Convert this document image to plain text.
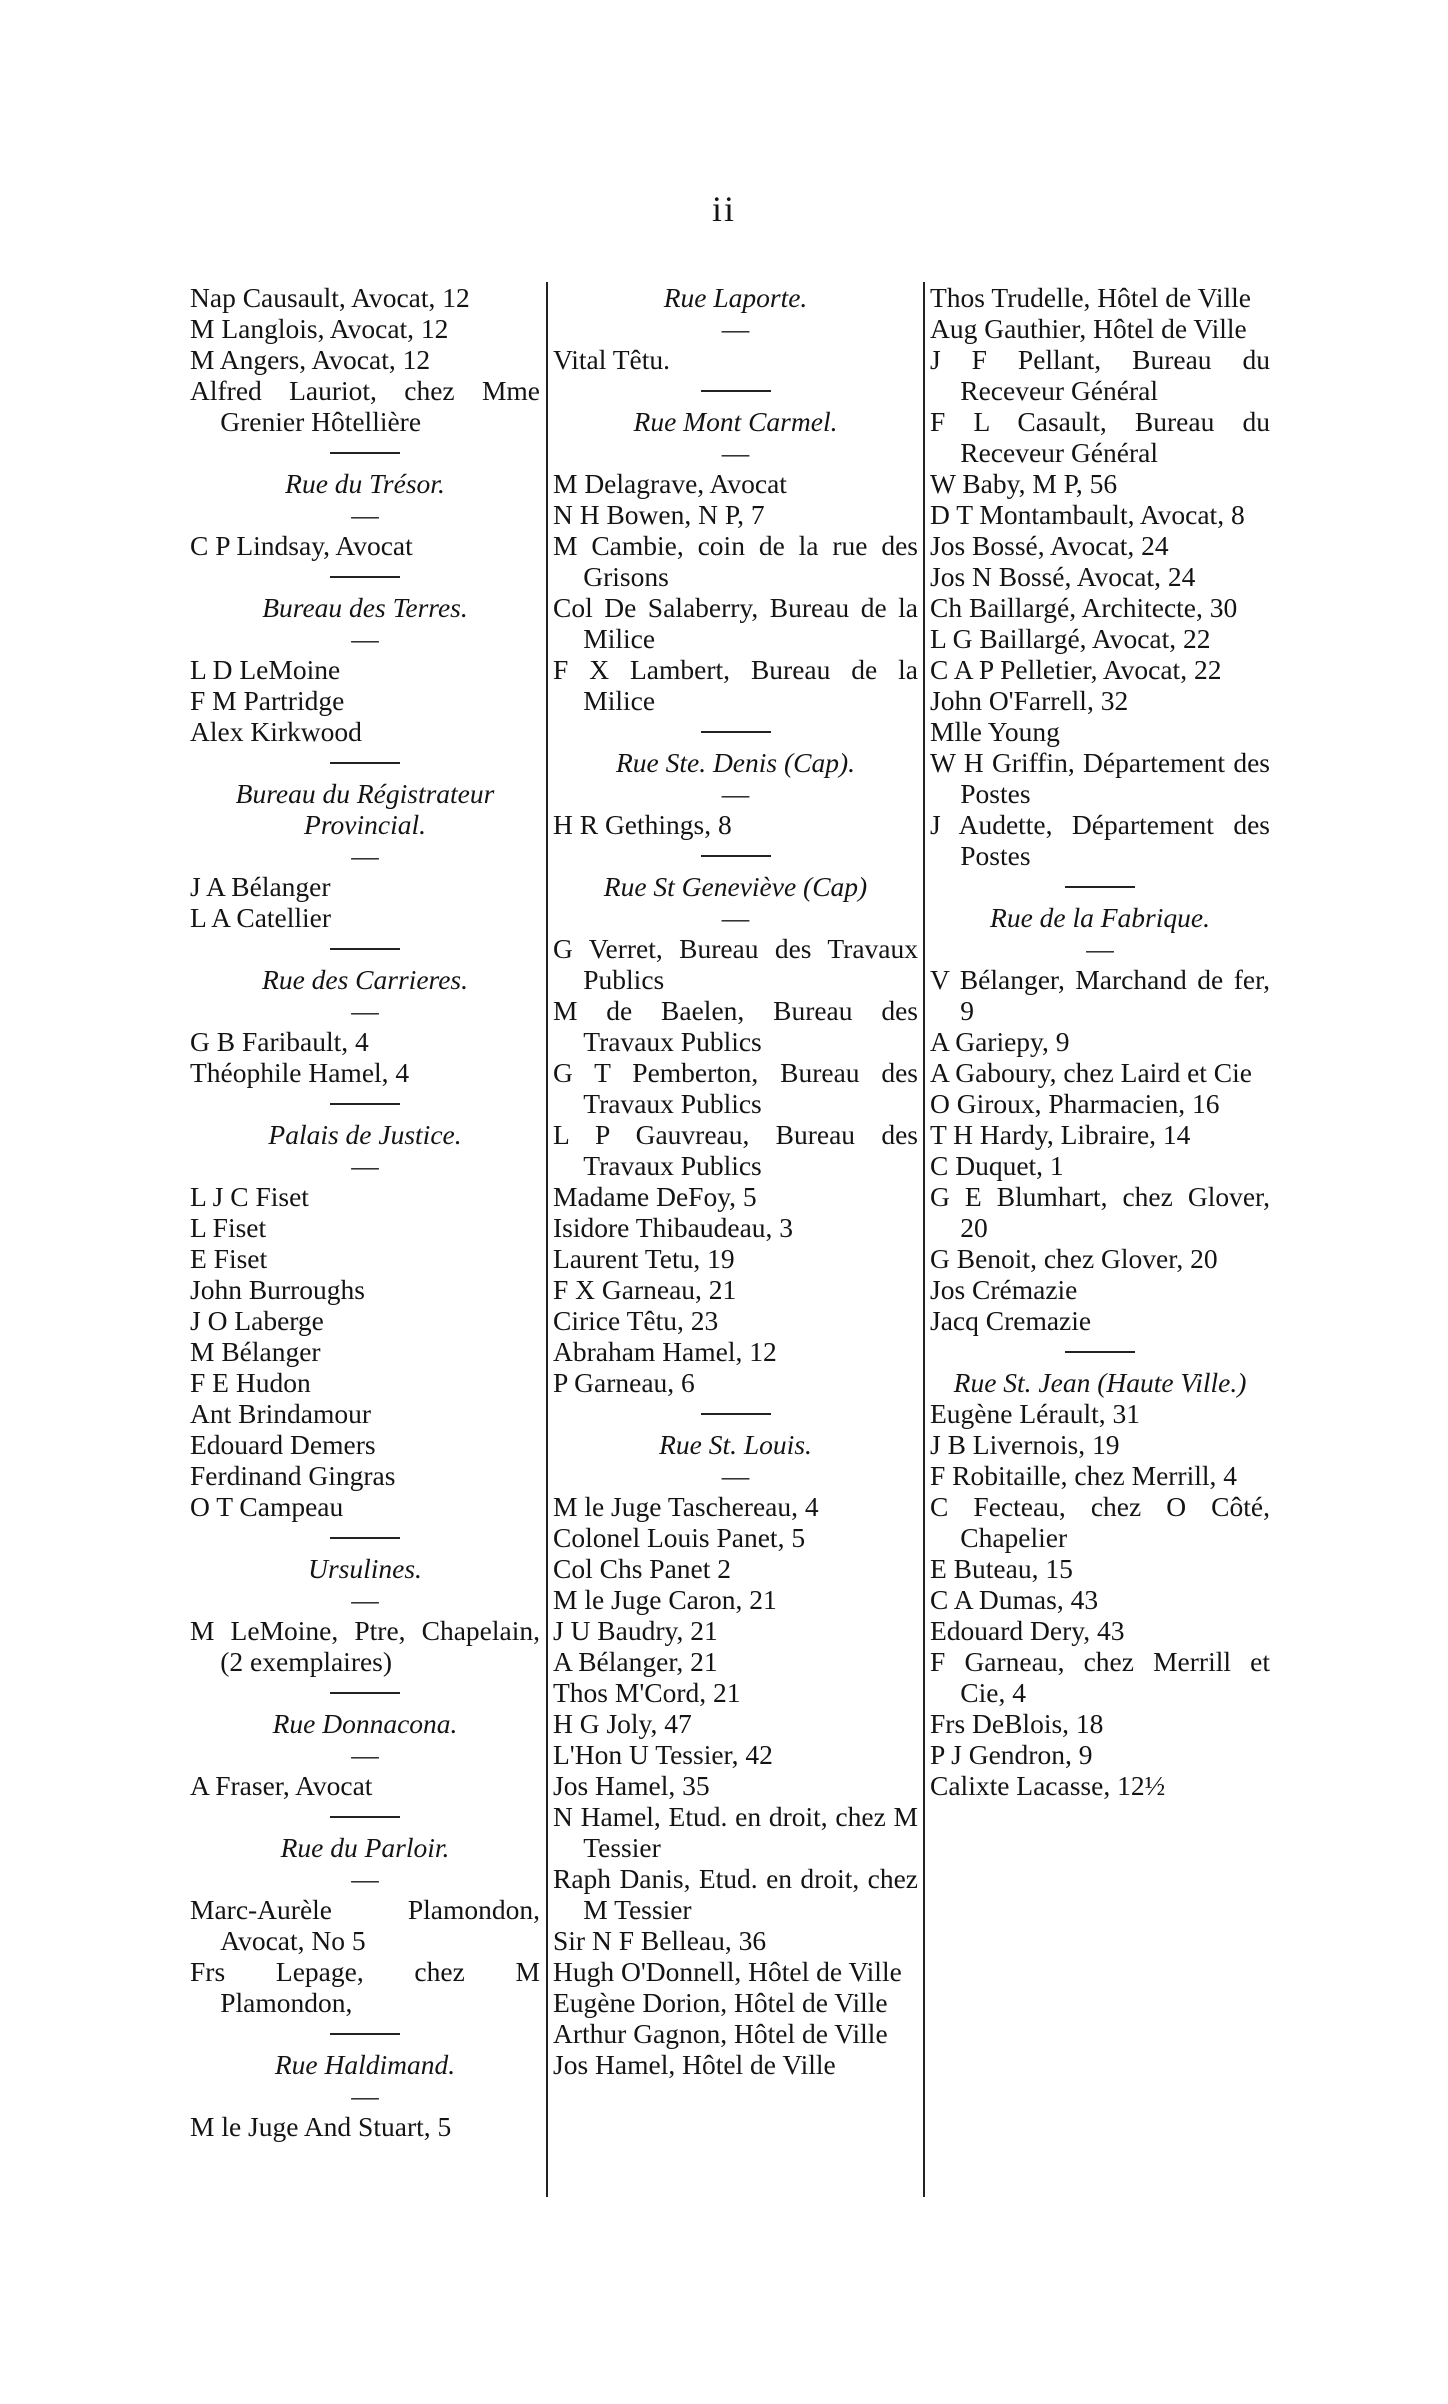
ii
Nap Causault, Avocat, 12
M Langlois, Avocat, 12
M Angers, Avocat, 12
Alfred Lauriot, chez Mme Grenier Hôtellière
Rue du Trésor.
—
C P Lindsay, Avocat
Bureau des Terres.
—
L D LeMoine
F M Partridge
Alex Kirkwood
Bureau du Régistrateur Provincial.
—
J A Bélanger
L A Catellier
Rue des Carrieres.
—
G B Faribault, 4
Théophile Hamel, 4
Palais de Justice.
—
L J C Fiset
L Fiset
E Fiset
John Burroughs
J O Laberge
M Bélanger
F E Hudon
Ant Brindamour
Edouard Demers
Ferdinand Gingras
O T Campeau
Ursulines.
—
M LeMoine, Ptre, Chapelain, (2 exemplaires)
Rue Donnacona.
—
A Fraser, Avocat
Rue du Parloir.
—
Marc-Aurèle Plamondon, Avocat, No 5
Frs Lepage, chez M Plamondon,
Rue Haldimand.
—
M le Juge And Stuart, 5
Rue Laporte.
—
Vital Têtu.
Rue Mont Carmel.
—
M Delagrave, Avocat
N H Bowen, N P, 7
M Cambie, coin de la rue des Grisons
Col De Salaberry, Bureau de la Milice
F X Lambert, Bureau de la Milice
Rue Ste. Denis (Cap).
—
H R Gethings, 8
Rue St Geneviève (Cap)
—
G Verret, Bureau des Travaux Publics
M de Baelen, Bureau des Travaux Publics
G T Pemberton, Bureau des Travaux Publics
L P Gauvreau, Bureau des Travaux Publics
Madame DeFoy, 5
Isidore Thibaudeau, 3
Laurent Tetu, 19
F X Garneau, 21
Cirice Têtu, 23
Abraham Hamel, 12
P Garneau, 6
Rue St. Louis.
—
M le Juge Taschereau, 4
Colonel Louis Panet, 5
Col Chs Panet 2
M le Juge Caron, 21
J U Baudry, 21
A Bélanger, 21
Thos M'Cord, 21
H G Joly, 47
L'Hon U Tessier, 42
Jos Hamel, 35
N Hamel, Etud. en droit, chez M Tessier
Raph Danis, Etud. en droit, chez M Tessier
Sir N F Belleau, 36
Hugh O'Donnell, Hôtel de Ville
Eugène Dorion, Hôtel de Ville
Arthur Gagnon, Hôtel de Ville
Jos Hamel, Hôtel de Ville
Thos Trudelle, Hôtel de Ville
Aug Gauthier, Hôtel de Ville
J F Pellant, Bureau du Receveur Général
F L Casault, Bureau du Receveur Général
W Baby, M P, 56
D T Montambault, Avocat, 8
Jos Bossé, Avocat, 24
Jos N Bossé, Avocat, 24
Ch Baillargé, Architecte, 30
L G Baillargé, Avocat, 22
C A P Pelletier, Avocat, 22
John O'Farrell, 32
Mlle Young
W H Griffin, Département des Postes
J Audette, Département des Postes
Rue de la Fabrique.
—
V Bélanger, Marchand de fer, 9
A Gariepy, 9
A Gaboury, chez Laird et Cie
O Giroux, Pharmacien, 16
T H Hardy, Libraire, 14
C Duquet, 1
G E Blumhart, chez Glover, 20
G Benoit, chez Glover, 20
Jos Crémazie
Jacq Cremazie
Rue St. Jean (Haute Ville.)
Eugène Lérault, 31
J B Livernois, 19
F Robitaille, chez Merrill, 4
C Fecteau, chez O Côté, Chapelier
E Buteau, 15
C A Dumas, 43
Edouard Dery, 43
F Garneau, chez Merrill et Cie, 4
Frs DeBlois, 18
P J Gendron, 9
Calixte Lacasse, 12½
